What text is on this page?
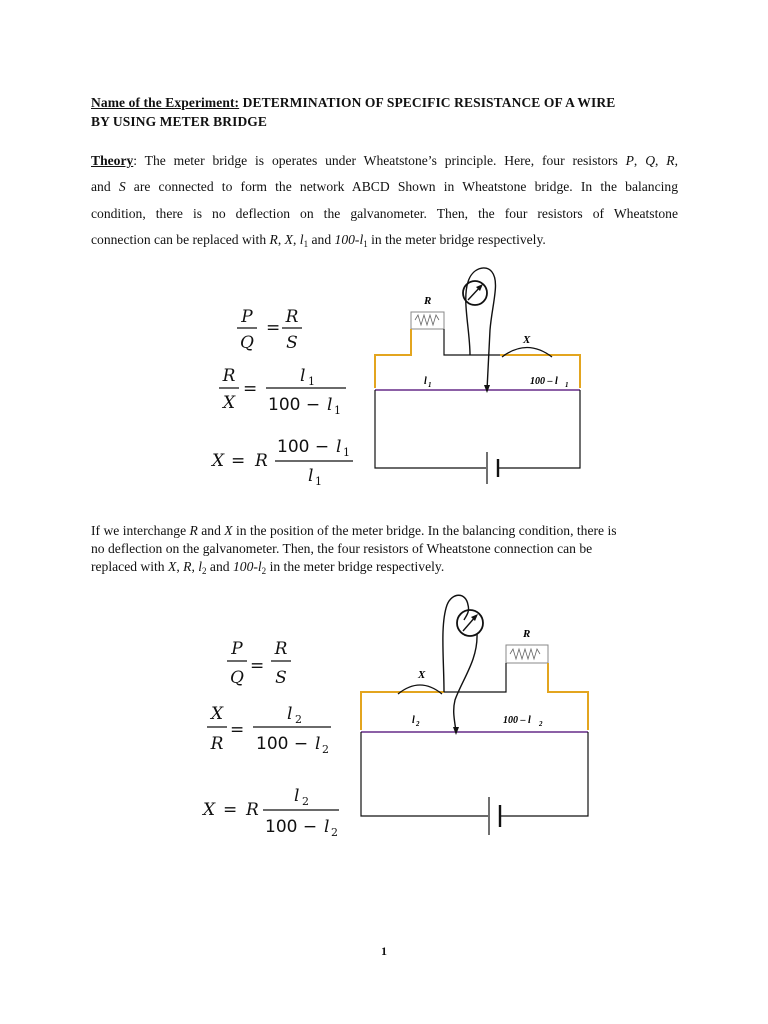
Name of the Experiment: DETERMINATION OF SPECIFIC RESISTANCE OF A WIRE
BY USING METER BRIDGE
Theory: The meter bridge is operates under Wheatstone’s principle. Here, four resistors P, Q, R,
and S are connected to form the network ABCD Shown in Wheatstone bridge. In the balancing
condition, there is no deflection on the galvanometer. Then, the four resistors of Wheatstone
connection can be replaced with R, X, $l_1$ and $100-l_1$ in the meter bridge respectively.
P
Q
=
R
S
R
X
=
l 1
100 − l 1
X = R
100 − l 1
l 1
R
X
l 1	100 – l 1
If we interchange R and X in the position of the meter bridge. In the balancing condition, there is
no deflection on the galvanometer. Then, the four resistors of Wheatstone connection can be
replaced with X, R, $l_2$ and $100-l_2$ in the meter bridge respectively.
P
Q
=
R
S
X
R
=
l 2
100 − l 2
X = R
l 2
100 − l 2
R
X
l 2	100 – l 2
1
